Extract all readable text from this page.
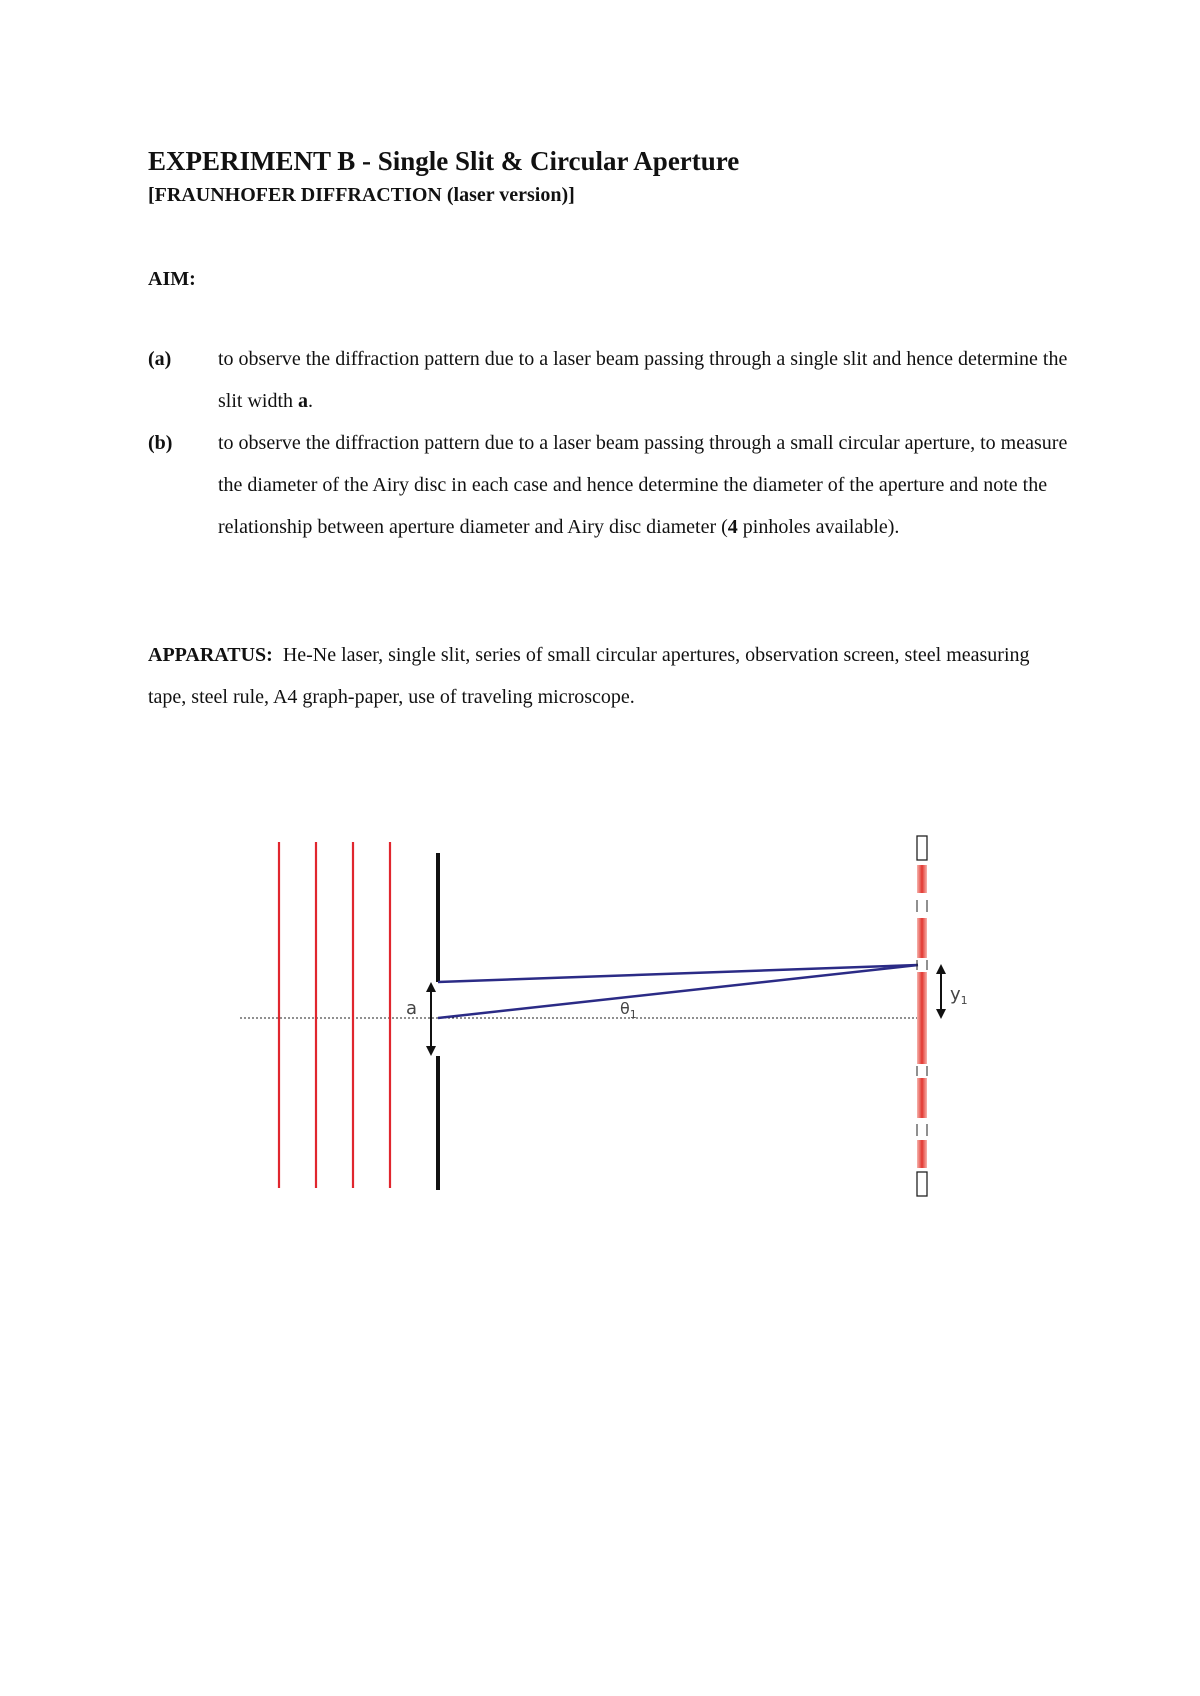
EXPERIMENT B - Single Slit & Circular Aperture
[FRAUNHOFER DIFFRACTION (laser version)]
AIM:
(a) to observe the diffraction pattern due to a laser beam passing through a single slit and hence determine the slit width a.
(b) to observe the diffraction pattern due to a laser beam passing through a small circular aperture, to measure the diameter of the Airy disc in each case and hence determine the diameter of the aperture and note the relationship between aperture diameter and Airy disc diameter (4 pinholes available).
APPARATUS: He-Ne laser, single slit, series of small circular apertures, observation screen, steel measuring tape, steel rule, A4 graph-paper, use of traveling microscope.
a	$\theta_1$
$y_1$
